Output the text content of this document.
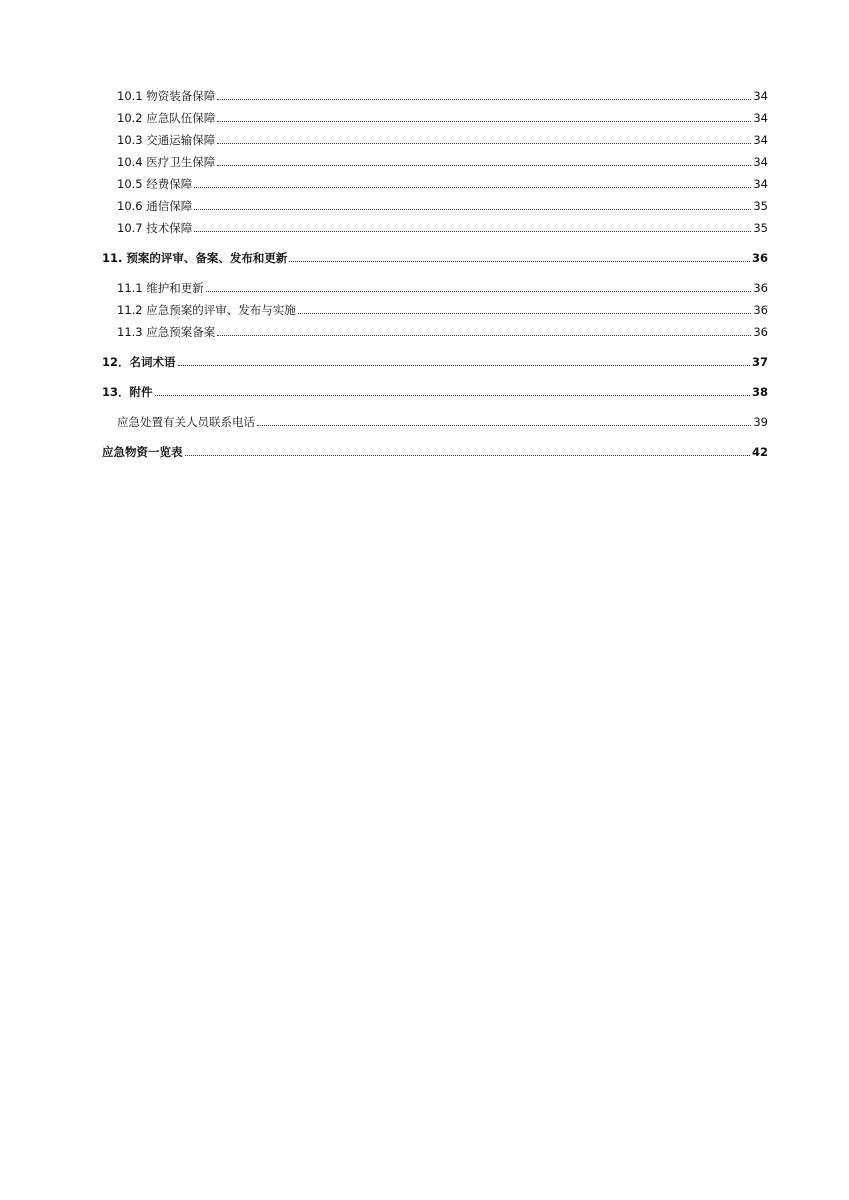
10.1 物资装备保障	34
10.2 应急队伍保障	34
10.3 交通运输保障	34
10.4 医疗卫生保障	34
10.5 经费保障	34
10.6 通信保障	35
10.7 技术保障	35
11. 预案的评审、备案、发布和更新	36
11.1 维护和更新	36
11.2 应急预案的评审、发布与实施	36
11.3 应急预案备案	36
12．名词术语	37
13．附件	38
应急处置有关人员联系电话	39
应急物资一览表	42
